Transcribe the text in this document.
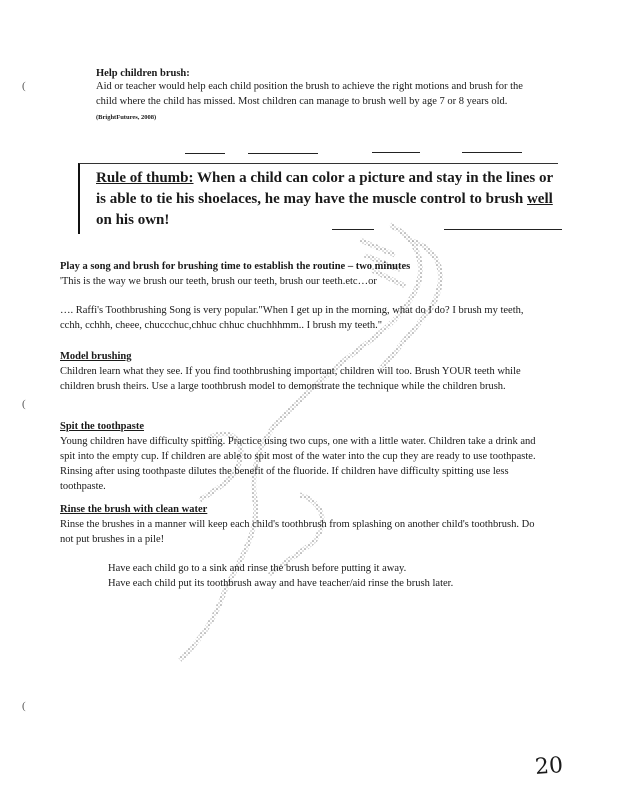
(
(
(
Help children brush:
Aid or teacher would help each child position the brush to achieve the right motions and brush for the child where the child has missed. Most children can manage to brush well by age 7 or 8 years old. (BrightFutures, 2008)
Rule of thumb: When a child can color a picture and stay in the lines or is able to tie his shoelaces, he may have the muscle control to brush well on his own!
Play a song and brush for brushing time to establish the routine – two minutes
'This is the way we brush our teeth, brush our teeth, brush our teeth.etc…or
…. Raffi's Toothbrushing Song is very popular."When I get up in the morning, what do I do? I brush my teeth, cchh, cchhh, cheee, chuccchuc,chhuc chhuc chuchhhmm.. I brush my teeth."
Model brushing
Children learn what they see. If you find toothbrushing important, children will too. Brush YOUR teeth while children brush theirs. Use a large toothbrush model to demonstrate the technique while the children brush.
Spit the toothpaste
Young children have difficulty spitting. Practice using two cups, one with a little water. Children take a drink and spit into the empty cup. If children are able to spit most of the water into the cup they are ready to use toothpaste. Rinsing after using toothpaste dilutes the benefit of the fluoride. If children have difficulty spitting use less toothpaste.
Rinse the brush with clean water
Rinse the brushes in a manner will keep each child's toothbrush from splashing on another child's toothbrush. Do not put brushes in a pile!
Have each child go to a sink and rinse the brush before putting it away.
Have each child put its toothbrush away and have teacher/aid rinse the brush later.
20
